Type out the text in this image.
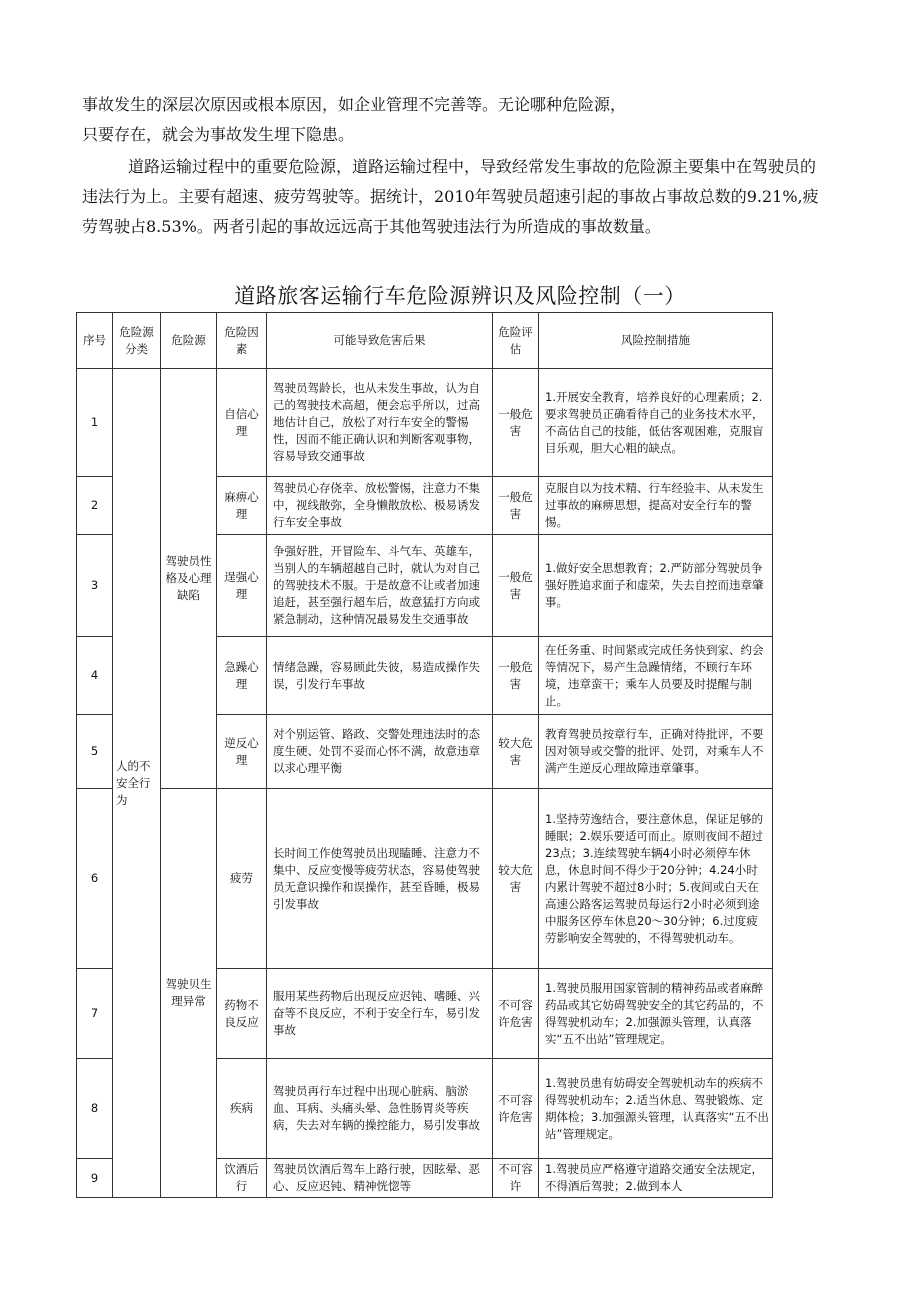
事故发生的深层次原因或根本原因，如企业管理不完善等。无论哪种危险源，
只要存在，就会为事故发生埋下隐患。

道路运输过程中的重要危险源，道路运输过程中，导致经常发生事故的危险源主要集中在驾驶员的违法行为上。主要有超速、疲劳驾驶等。据统计，2010年驾驶员超速引起的事故占事故总数的9.21%,疲劳驾驶占8.53%。两者引起的事故远远高于其他驾驶违法行为所造成的事故数量。

道路旅客运输行车危险源辨识及风险控制（一）
序号	危险源分类	危险源	危险因素	可能导致危害后果	危险评估	风险控制措施
1	人的不安全行为	驾驶员性格及心理缺陷	自信心理	驾驶员驾龄长，也从未发生事故，认为自己的驾驶技术高超，便会忘乎所以，过高地估计自己，放松了对行车安全的警惕性，因而不能正确认识和判断客观事物，容易导致交通事故	一般危害	1.开展安全教育，培养良好的心理素质；2.要求驾驶员正确看待自己的业务技术水平，不高估自己的技能，低估客观困难，克服盲目乐观，胆大心粗的缺点。
2			麻痹心理	驾驶员心存侥幸、放松警惕，注意力不集中，视线散弥，全身懒散放松、极易诱发行车安全事故	一般危害	克服自以为技术精、行车经验丰、从未发生过事故的麻痹思想，提高对安全行车的警惕。
3			逞强心理	争强好胜，开冒险车、斗气车、英雄车，当别人的车辆超越自己时，就认为对自己的驾驶技术不服。于是故意不让或者加速追赶，甚至强行超车后，故意猛打方向或紧急制动，这种情况最易发生交通事故	一般危害	1.做好安全思想教育；2.严防部分驾驶员争强好胜追求面子和虚荣，失去自控而违章肇事。
4			急躁心理	情绪急躁，容易顾此失彼，易造成操作失误，引发行车事故	一般危害	在任务重、时间紧或完成任务快到家、约会等情况下，易产生急躁情绪，不顾行车环境，违章蛮干；乘车人员要及时提醒与制止。
5			逆反心理	对个别运管、路政、交警处理违法时的态度生硬、处罚不妥而心怀不满，故意违章以求心理平衡	较大危害	教育驾驶员按章行车，正确对待批评，不要因对领导或交警的批评、处罚，对乘车人不满产生逆反心理故障违章肇事。
6		驾驶贝生理异常	疲劳	长时间工作使驾驶员出现瞌睡、注意力不集中、反应变慢等疲劳状态，容易使驾驶员无意识操作和误操作，甚至昏睡，极易引发事故	较大危害	1.坚持劳逸结合，要注意休息，保证足够的睡眠；2.娱乐要适可而止。原则夜间不超过23点；3.连续驾驶车辆4小时必须停车休息，休息时间不得少于20分钟；4.24小时内累计驾驶不超过8小时；5.夜间或白天在高速公路客运驾驶员每运行2小时必须到途中服务区停车休息20〜30分钟；6.过度疲劳影响安全驾驶的，不得驾驶机动车。
7			药物不良反应	服用某些药物后出现反应迟钝、嗜睡、兴奋等不良反应，不利于安全行车，易引发事故	不可容许危害	1.驾驶员服用国家管制的精神药品或者麻醉药品或其它妨碍驾驶安全的其它药品的，不得驾驶机动车；2.加强源头管理，认真落实“五不出站”管理规定。
8			疾病	驾驶员再行车过程中出现心脏病、脑淤血、耳病、头痛头晕、急性肠胃炎等疾病，失去对车辆的操控能力，易引发事故	不可容许危害	1.驾驶员患有妨碍安全驾驶机动车的疾病不得驾驶机动车；2.适当休息、驾驶锻炼、定期体检；3.加强源头管理，认真落实“五不出站”管理规定。
9			饮酒后行	驾驶员饮酒后驾车上路行驶，因眩晕、恶心、反应迟钝、精神恍惚等	不可容许	1.驾驶员应严格遵守道路交通安全法规定，不得酒后驾驶；2.做到本人
